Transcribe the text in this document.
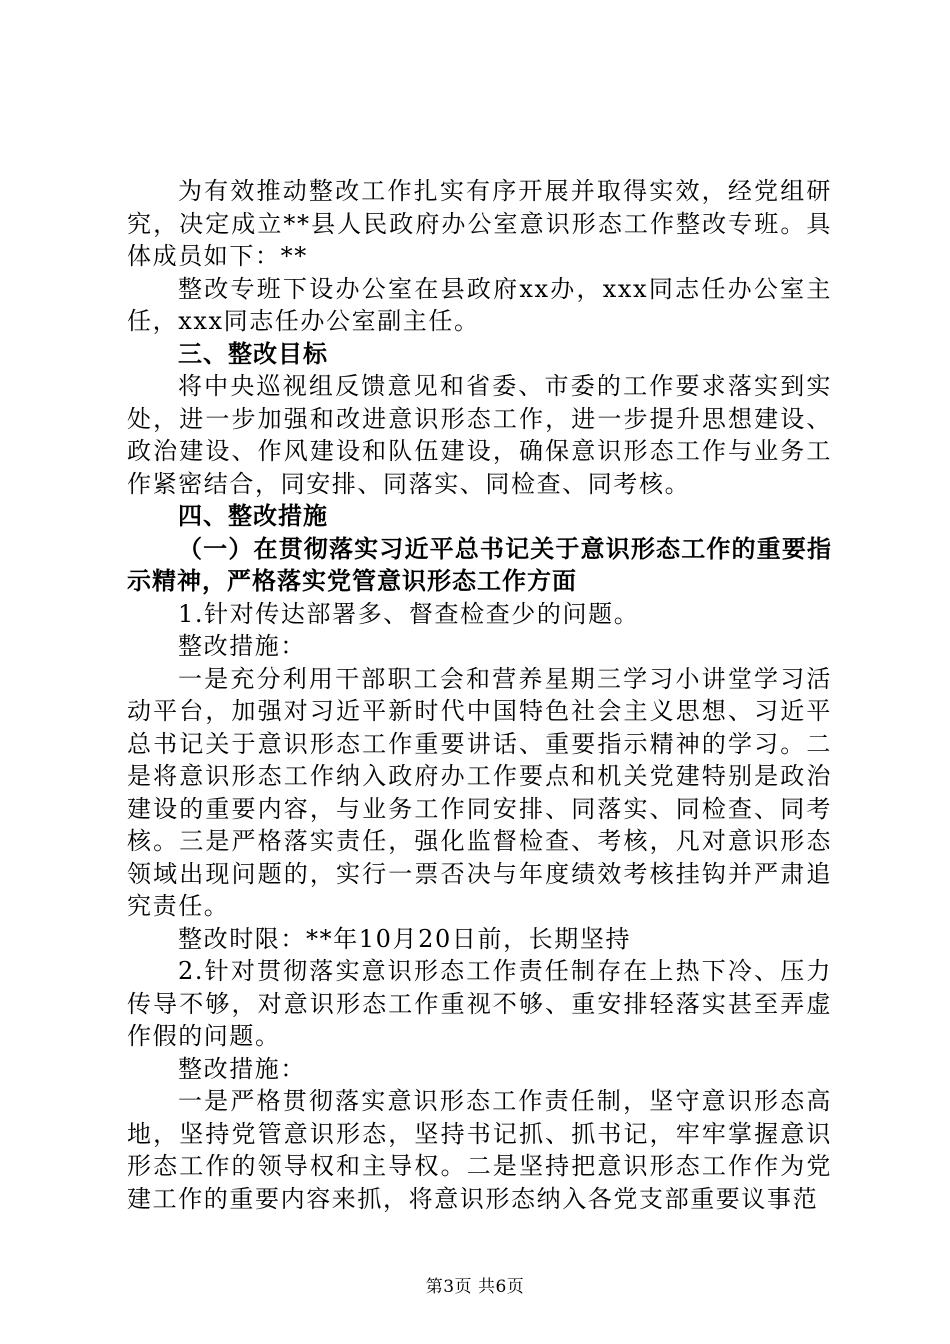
为有效推动整改工作扎实有序开展并取得实效，经党组研究，决定成立**县人民政府办公室意识形态工作整改专班。具体成员如下：**

整改专班下设办公室在县政府xx办，xxx同志任办公室主任，xxx同志任办公室副主任。

三、整改目标

将中央巡视组反馈意见和省委、市委的工作要求落实到实处，进一步加强和改进意识形态工作，进一步提升思想建设、政治建设、作风建设和队伍建设，确保意识形态工作与业务工作紧密结合，同安排、同落实、同检查、同考核。

四、整改措施

（一）在贯彻落实习近平总书记关于意识形态工作的重要指示精神，严格落实党管意识形态工作方面

1.针对传达部署多、督查检查少的问题。

整改措施：

一是充分利用干部职工会和营养星期三学习小讲堂学习活动平台，加强对习近平新时代中国特色社会主义思想、习近平总书记关于意识形态工作重要讲话、重要指示精神的学习。二是将意识形态工作纳入政府办工作要点和机关党建特别是政治建设的重要内容，与业务工作同安排、同落实、同检查、同考核。三是严格落实责任，强化监督检查、考核，凡对意识形态领域出现问题的，实行一票否决与年度绩效考核挂钩并严肃追究责任。

整改时限：**年10月20日前，长期坚持

2.针对贯彻落实意识形态工作责任制存在上热下冷、压力传导不够，对意识形态工作重视不够、重安排轻落实甚至弄虚作假的问题。

整改措施：

一是严格贯彻落实意识形态工作责任制，坚守意识形态高地，坚持党管意识形态，坚持书记抓、抓书记，牢牢掌握意识形态工作的领导权和主导权。二是坚持把意识形态工作作为党建工作的重要内容来抓，将意识形态纳入各党支部重要议事范

第3页 共6页
